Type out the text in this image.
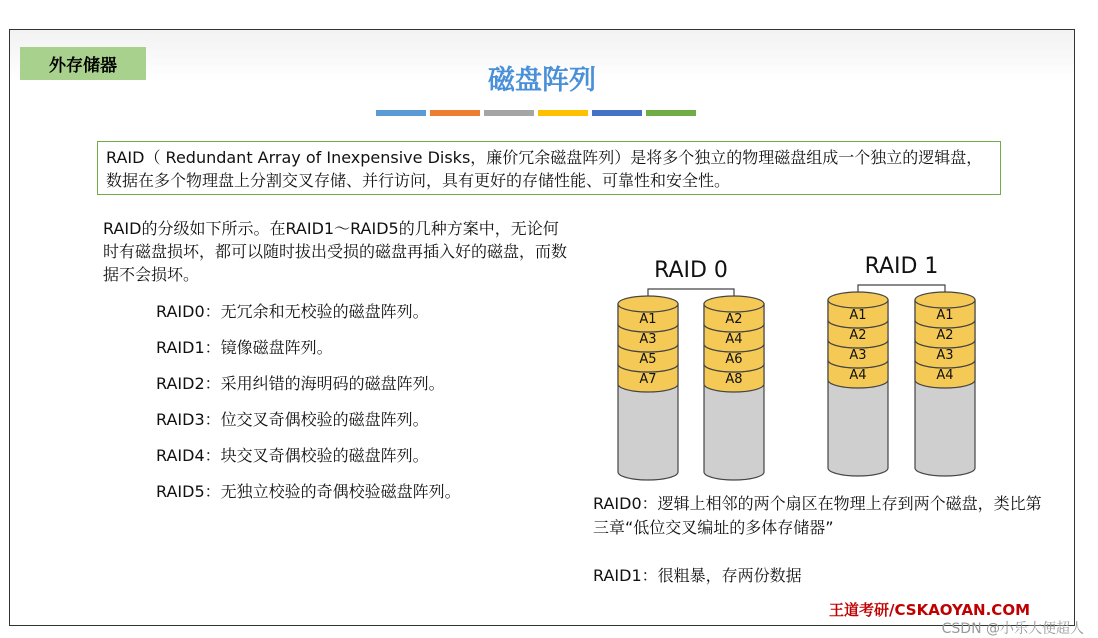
外存储器	磁盘阵列
RAID（ Redundant Array of Inexpensive Disks，廉价冗余磁盘阵列）是将多个独立的物理磁盘组成一个独立的逻辑盘，数据在多个物理盘上分割交叉存储、并行访问，具有更好的存储性能、可靠性和安全性。
RAID的分级如下所示。在RAID1～RAID5的几种方案中，无论何时有磁盘损坏，都可以随时拔出受损的磁盘再插入好的磁盘，而数据不会损坏。
RAID0：无冗余和无校验的磁盘阵列。
RAID1：镜像磁盘阵列。
RAID2：采用纠错的海明码的磁盘阵列。
RAID3：位交叉奇偶校验的磁盘阵列。
RAID4：块交叉奇偶校验的磁盘阵列。
RAID5：无独立校验的奇偶校验磁盘阵列。
RAID 0
A7
A5
A3
A1
A8
A6
A4
A2
RAID 1
A4
A3
A2
A1
A4
A3
A2
A1
RAID0：逻辑上相邻的两个扇区在物理上存到两个磁盘，类比第三章“低位交叉编址的多体存储器”
RAID1：很粗暴，存两份数据
王道考研/CSKAOYAN.COM
CSDN @小乐大便超人
